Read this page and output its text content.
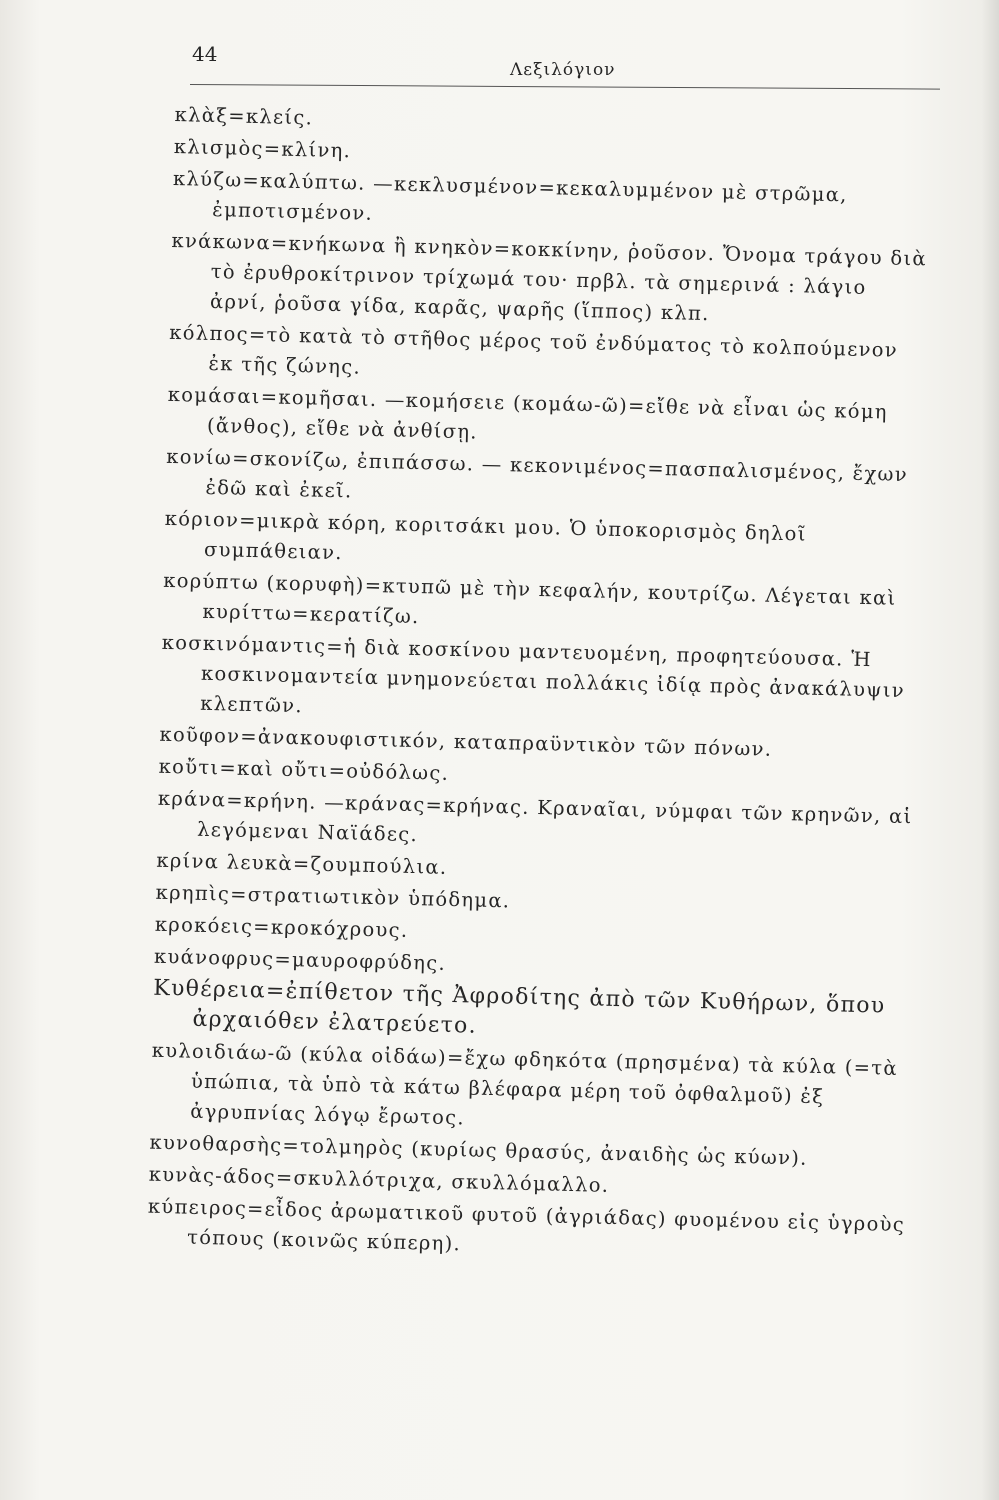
44
Λεξιλόγιον

κλὰξ=κλείς.

κλισμὸς=κλίνη.

κλύζω=καλύπτω. —κεκλυσμένον=κεκαλυμμένον μὲ στρῶμα, ἐμποτισμένον.

κνάκωνα=κνήκωνα ἢ κνηκὸν=κοκκίνην, ῥοῦσον. Ὄνομα τράγου διὰ τὸ ἐρυθροκίτρινον τρίχωμά του· πρβλ. τὰ σημερινά : λάγιο ἀρνί, ῥοῦσα γίδα, καρᾶς, ψαρῆς (ἵππος) κλπ.

κόλπος=τὸ κατὰ τὸ στῆθος μέρος τοῦ ἐνδύματος τὸ κολπούμενον ἐκ τῆς ζώνης.

κομάσαι=κομῆσαι. —κομήσειε (κομάω-ῶ)=εἴθε νὰ εἶναι ὡς κόμη (ἄνθος), εἴθε νὰ ἀνθίσῃ.

κονίω=σκονίζω, ἐπιπάσσω. — κεκονιμένος=πασπαλισμένος, ἔχων ἐδῶ καὶ ἐκεῖ.

κόριον=μικρὰ κόρη, κοριτσάκι μου. Ὁ ὑποκορισμὸς δηλοῖ συμπάθειαν.

κορύπτω (κορυφὴ)=κτυπῶ μὲ τὴν κεφαλήν, κουτρίζω. Λέγεται καὶ κυρίττω=κερατίζω.

κοσκινόμαντις=ἡ διὰ κοσκίνου μαντευομένη, προφητεύουσα. Ἡ κοσκινομαντεία μνημονεύεται πολλάκις ἰδίᾳ πρὸς ἀνακάλυψιν κλεπτῶν.

κοῦφον=ἀνακουφιστικόν, καταπραϋντικὸν τῶν πόνων.

κοὔτι=καὶ οὔτι=οὐδόλως.

κράνα=κρήνη. —κράνας=κρήνας. Κραναῖαι, νύμφαι τῶν κρηνῶν, αἱ λεγόμεναι Ναϊάδες.

κρίνα λευκὰ=ζουμπούλια.

κρηπὶς=στρατιωτικὸν ὑπόδημα.

κροκόεις=κροκόχρους.

κυάνοφρυς=μαυροφρύδης.

Κυθέρεια=ἐπίθετον τῆς Ἀφροδίτης ἀπὸ τῶν Κυθήρων, ὅπου ἀρχαιόθεν ἐλατρεύετο.

κυλοιδιάω-ῶ (κύλα οἰδάω)=ἔχω φδηκότα (πρησμένα) τὰ κύλα (=τὰ ὑπώπια, τὰ ὑπὸ τὰ κάτω βλέφαρα μέρη τοῦ ὀφθαλμοῦ) ἐξ ἀγρυπνίας λόγῳ ἔρωτος.

κυνοθαρσὴς=τολμηρὸς (κυρίως θρασύς, ἀναιδὴς ὡς κύων).

κυνὰς-άδος=σκυλλότριχα, σκυλλόμαλλο.

κύπειρος=εἶδος ἀρωματικοῦ φυτοῦ (ἀγριάδας) φυομένου εἰς ὑγροὺς τόπους (κοινῶς κύπερη).
